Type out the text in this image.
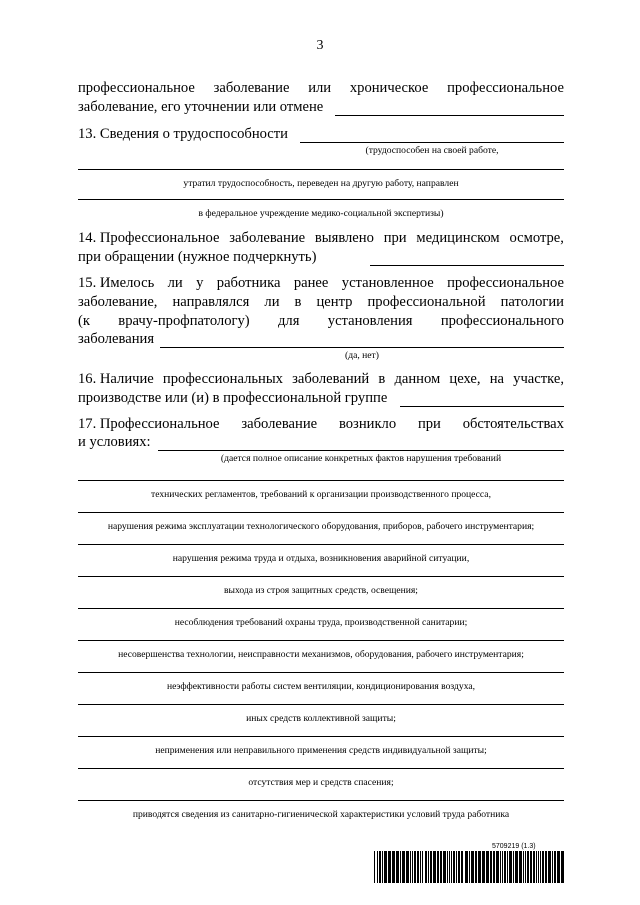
3
профессиональное заболевание или хроническое профессиональное
заболевание, его уточнении или отмене
13. Сведения о трудоспособности
(трудоспособен на своей работе,
утратил трудоспособность, переведен на другую работу, направлен
в федеральное учреждение медико-социальной экспертизы)
14. Профессиональное заболевание выявлено при медицинском осмотре,
при обращении (нужное подчеркнуть)
15. Имелось ли у работника ранее установленное профессиональное
заболевание, направлялся ли в центр профессиональной патологии
(к врачу-профпатологу) для установления профессионального
заболевания
(да, нет)
16. Наличие профессиональных заболеваний в данном цехе, на участке,
производстве или (и) в профессиональной группе
17. Профессиональное заболевание возникло при обстоятельствах
и условиях:
(дается полное описание конкретных фактов нарушения требований
технических регламентов, требований к организации производственного процесса,
нарушения режима эксплуатации технологического оборудования, приборов, рабочего инструментария;
нарушения режима труда и отдыха, возникновения аварийной ситуации,
выхода из строя защитных средств, освещения;
несоблюдения требований охраны труда, производственной санитарии;
несовершенства технологии, неисправности механизмов, оборудования, рабочего инструментария;
неэффективности работы систем вентиляции, кондиционирования воздуха,
иных средств коллективной защиты;
неприменения или неправильного применения средств индивидуальной защиты;
отсутствия мер и средств спасения;
приводятся сведения из санитарно-гигиенической характеристики условий труда работника
5709219 (1.3)
